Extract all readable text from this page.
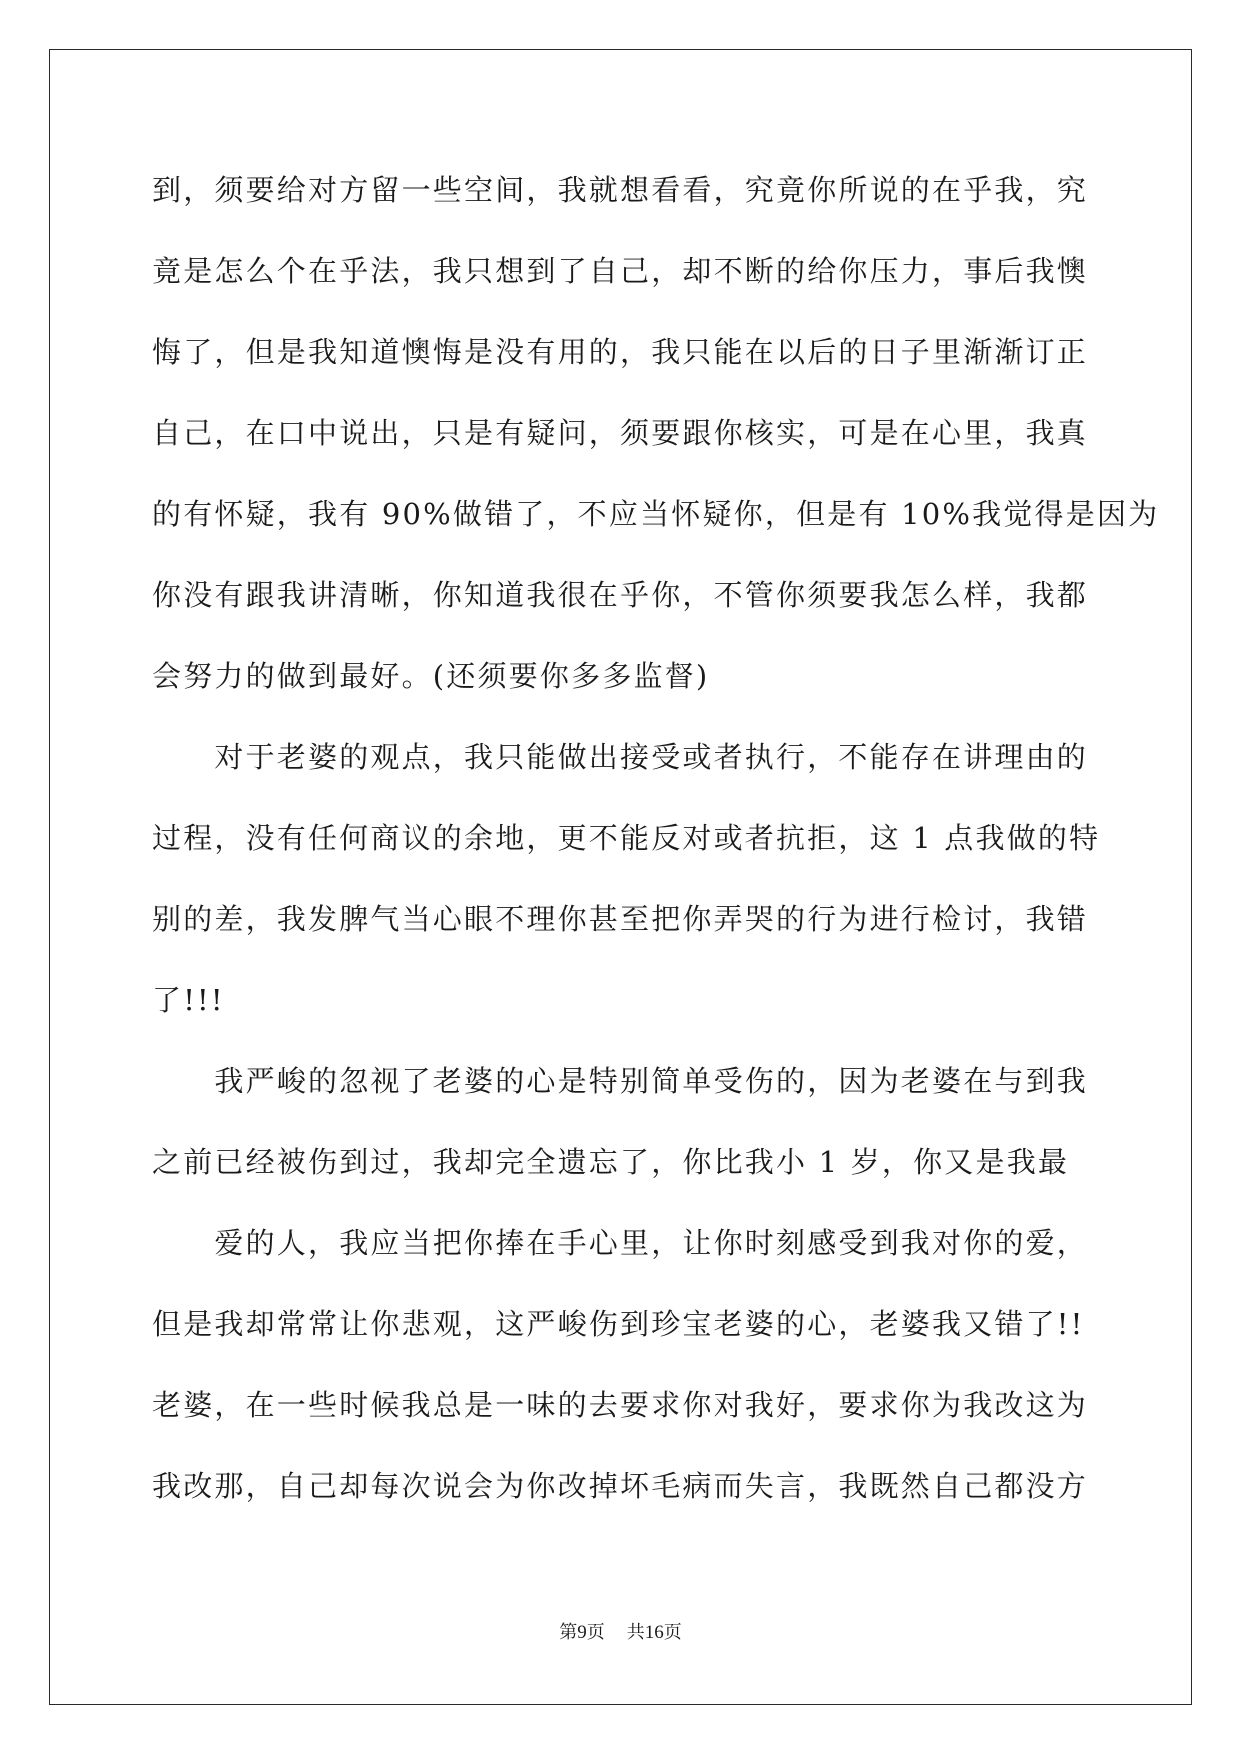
到，须要给对方留一些空间，我就想看看，究竟你所说的在乎我，究
竟是怎么个在乎法，我只想到了自己，却不断的给你压力，事后我懊
悔了，但是我知道懊悔是没有用的，我只能在以后的日子里渐渐订正
自己，在口中说出，只是有疑问，须要跟你核实，可是在心里，我真
的有怀疑，我有 90%做错了，不应当怀疑你，但是有 10%我觉得是因为
你没有跟我讲清晰，你知道我很在乎你，不管你须要我怎么样，我都
会努力的做到最好。(还须要你多多监督)
　　对于老婆的观点，我只能做出接受或者执行，不能存在讲理由的
过程，没有任何商议的余地，更不能反对或者抗拒，这 1 点我做的特
别的差，我发脾气当心眼不理你甚至把你弄哭的行为进行检讨，我错
了!!!
　　我严峻的忽视了老婆的心是特别简单受伤的，因为老婆在与到我
之前已经被伤到过，我却完全遗忘了，你比我小 1 岁，你又是我最
　　爱的人，我应当把你捧在手心里，让你时刻感受到我对你的爱，
但是我却常常让你悲观，这严峻伤到珍宝老婆的心，老婆我又错了!!
老婆，在一些时候我总是一味的去要求你对我好，要求你为我改这为
我改那，自己却每次说会为你改掉坏毛病而失言，我既然自己都没方
第9页 共16页
